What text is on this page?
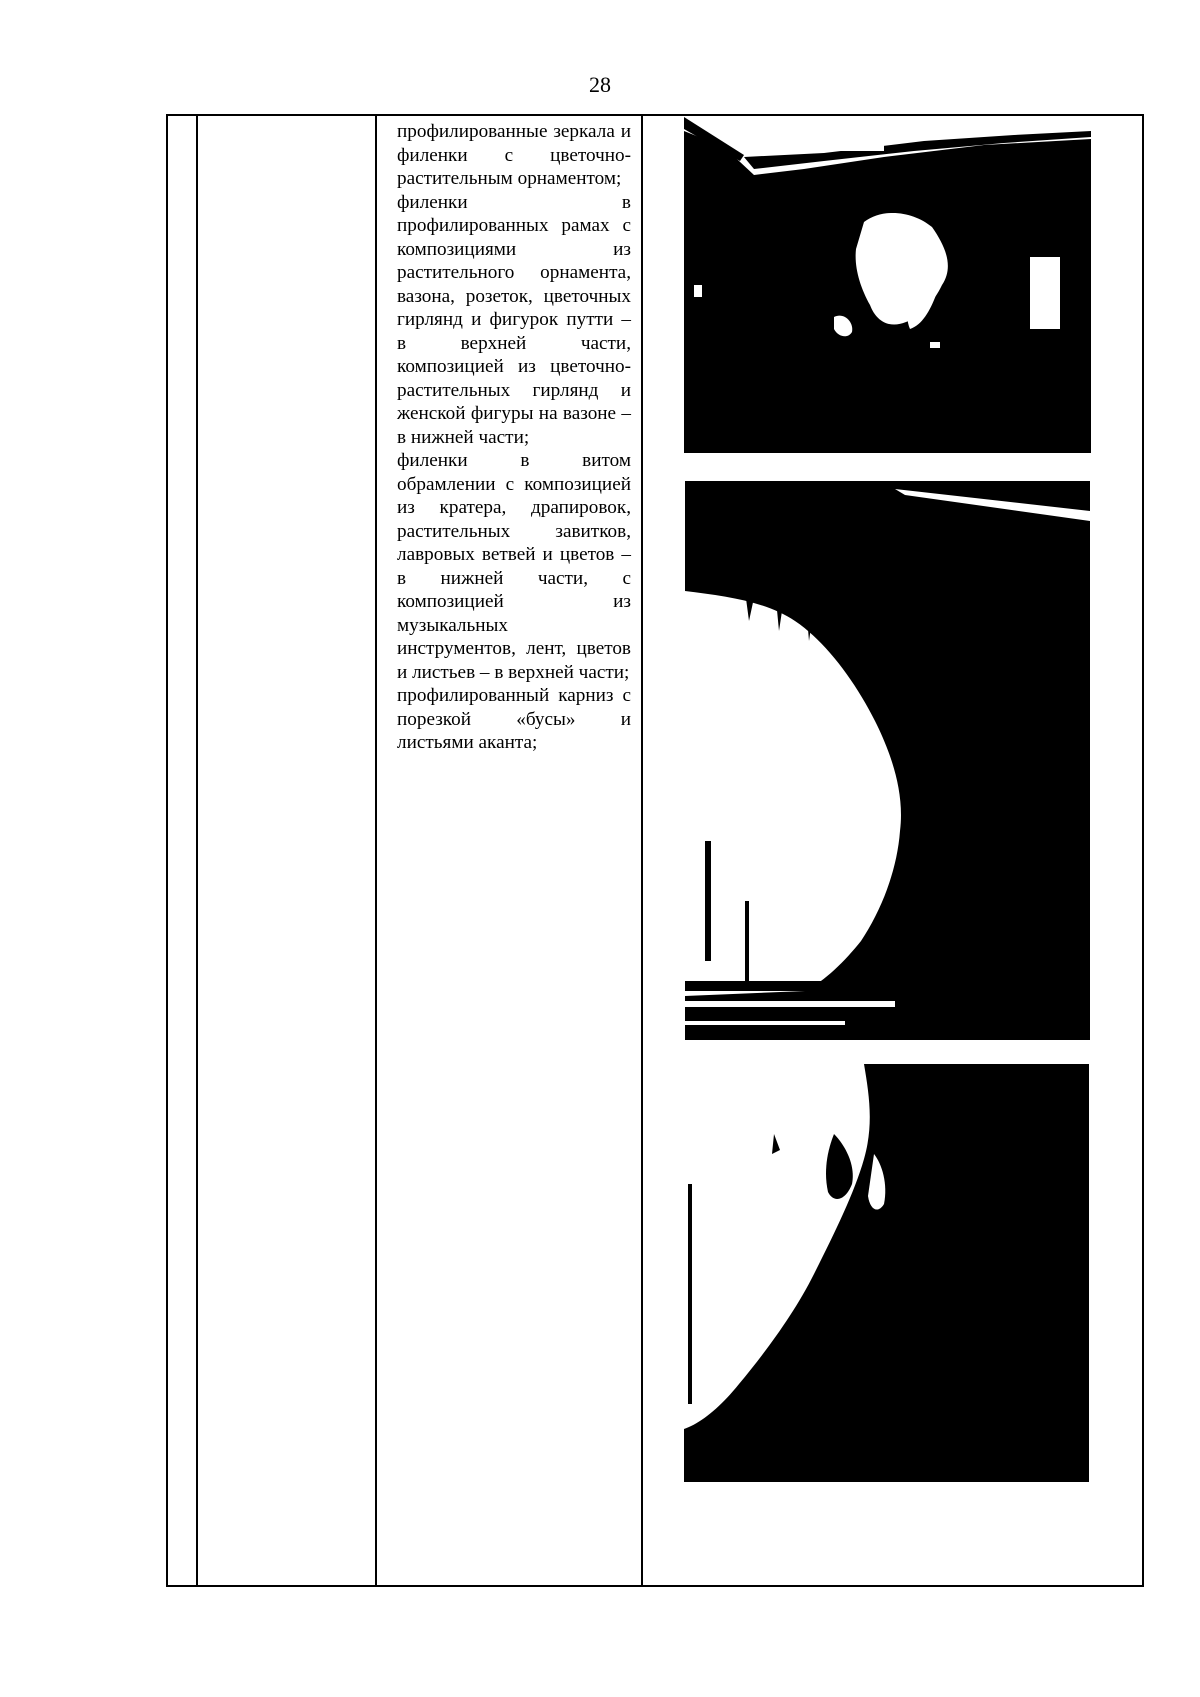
28

профилированные зеркала и филенки с цветочно-растительным орнаментом;

филенки в профилированных рамах с композициями из растительного орнамента, вазона, розеток, цветочных гирлянд и фигурок путти – в верхней части, композицией из цветочно-растительных гирлянд и женской фигуры на вазоне – в нижней части;

филенки в витом обрамлении с композицией из кратера, драпировок, растительных завитков, лавровых ветвей и цветов – в нижней части, с композицией из музыкальных инструментов, лент, цветов и листьев – в верхней части;

профилированный карниз с порезкой «бусы» и листьями аканта;
